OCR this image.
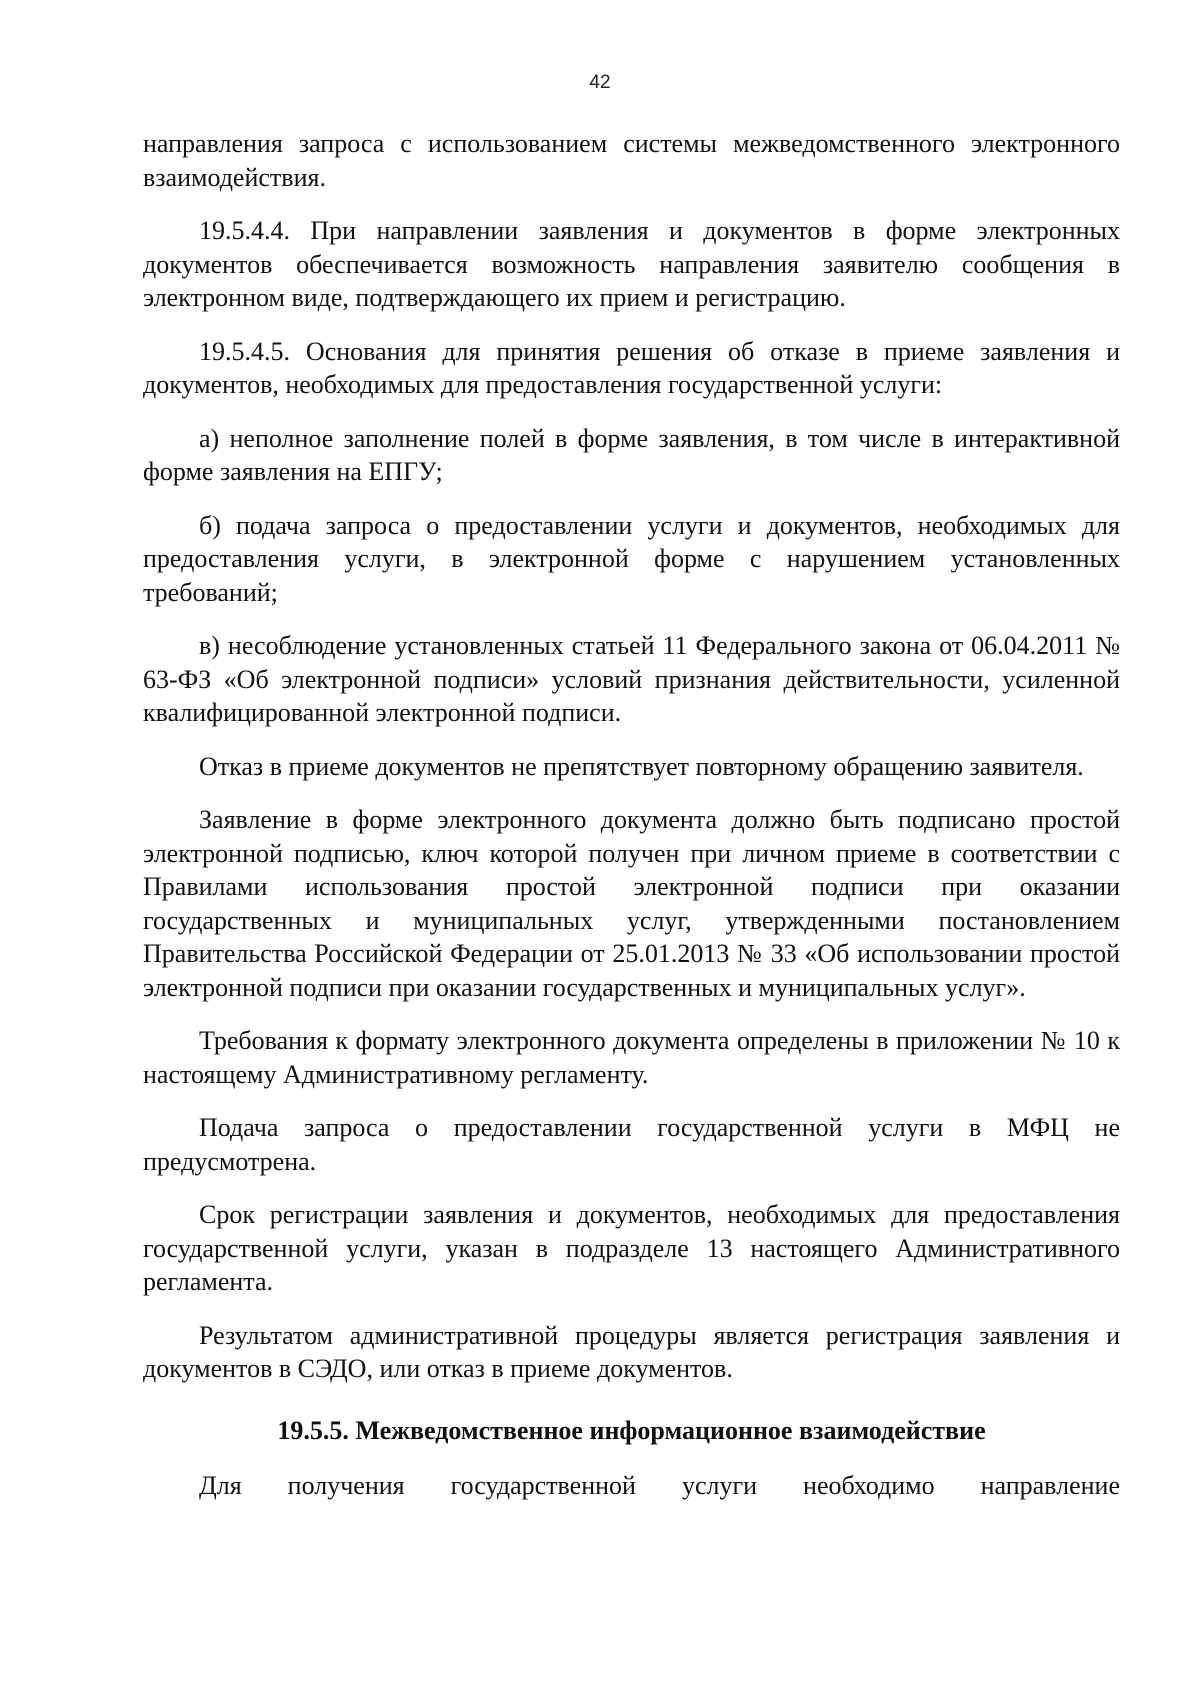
42

направления запроса с использованием системы межведомственного электронного взаимодействия.

19.5.4.4. При направлении заявления и документов в форме электронных документов обеспечивается возможность направления заявителю сообщения в электронном виде, подтверждающего их прием и регистрацию.

19.5.4.5. Основания для принятия решения об отказе в приеме заявления и документов, необходимых для предоставления государственной услуги:

а) неполное заполнение полей в форме заявления, в том числе в интерактивной форме заявления на ЕПГУ;

б) подача запроса о предоставлении услуги и документов, необходимых для предоставления услуги, в электронной форме с нарушением установленных требований;

в) несоблюдение установленных статьей 11 Федерального закона от 06.04.2011 № 63-ФЗ «Об электронной подписи» условий признания действительности, усиленной квалифицированной электронной подписи.

Отказ в приеме документов не препятствует повторному обращению заявителя.

Заявление в форме электронного документа должно быть подписано простой электронной подписью, ключ которой получен при личном приеме в соответствии с Правилами использования простой электронной подписи при оказании государственных и муниципальных услуг, утвержденными постановлением Правительства Российской Федерации от 25.01.2013 № 33 «Об использовании простой электронной подписи при оказании государственных и муниципальных услуг».

Требования к формату электронного документа определены в приложении № 10 к настоящему Административному регламенту.

Подача запроса о предоставлении государственной услуги в МФЦ не предусмотрена.

Срок регистрации заявления и документов, необходимых для предоставления государственной услуги, указан в подразделе 13 настоящего Административного регламента.

Результатом административной процедуры является регистрация заявления и документов в СЭДО, или отказ в приеме документов.

19.5.5. Межведомственное информационное взаимодействие

Для получения государственной услуги необходимо направление
